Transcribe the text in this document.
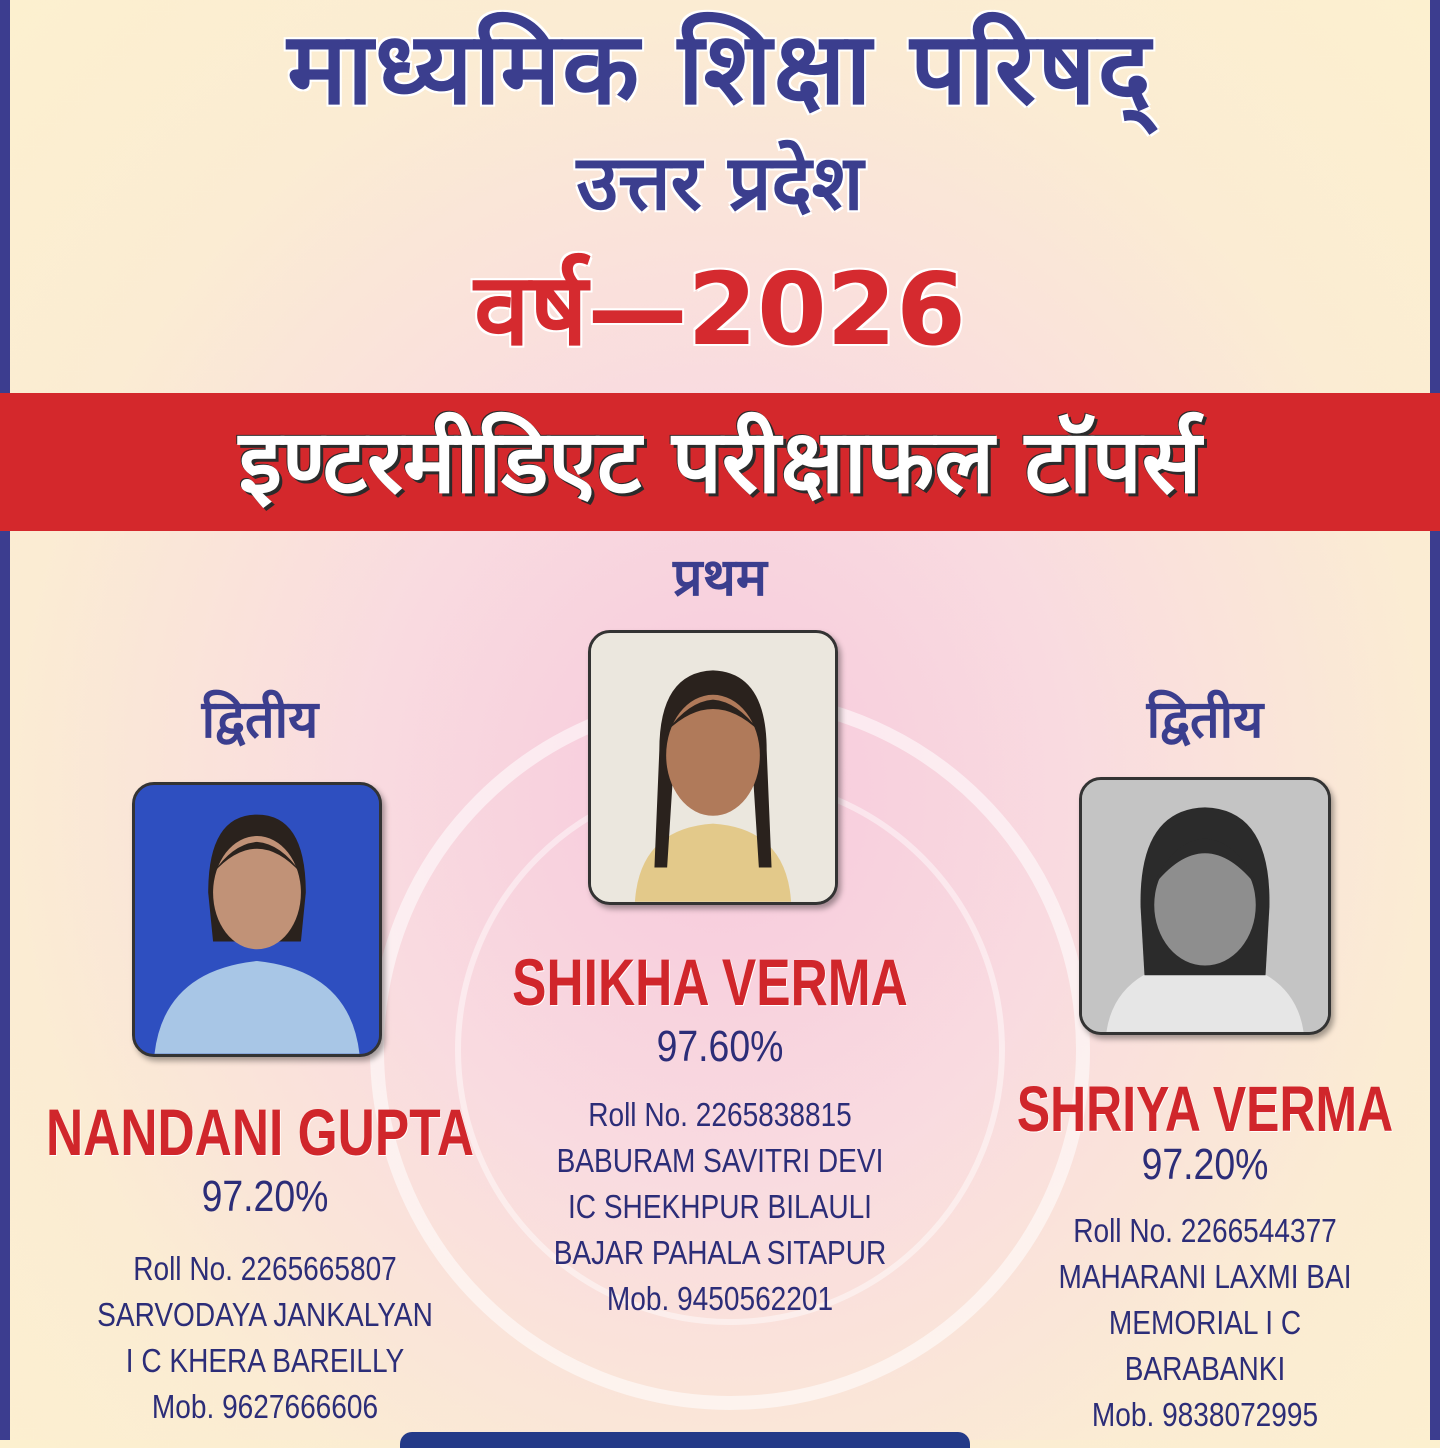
माध्यमिक शिक्षा परिषद्
उत्तर प्रदेश
वर्ष—2026
इण्टरमीडिएट परीक्षाफल टॉपर्स
प्रथम
SHIKHA VERMA
97.60%
Roll No. 2265838815
BABURAM SAVITRI DEVI
IC SHEKHPUR BILAULI
BAJAR PAHALA SITAPUR
Mob. 9450562201
द्वितीय
NANDANI GUPTA
97.20%
Roll No. 2265665807
SARVODAYA JANKALYAN
I C KHERA BAREILLY
Mob. 9627666606
द्वितीय
SHRIYA VERMA
97.20%
Roll No. 2266544377
MAHARANI LAXMI BAI
MEMORIAL I C
BARABANKI
Mob. 9838072995
